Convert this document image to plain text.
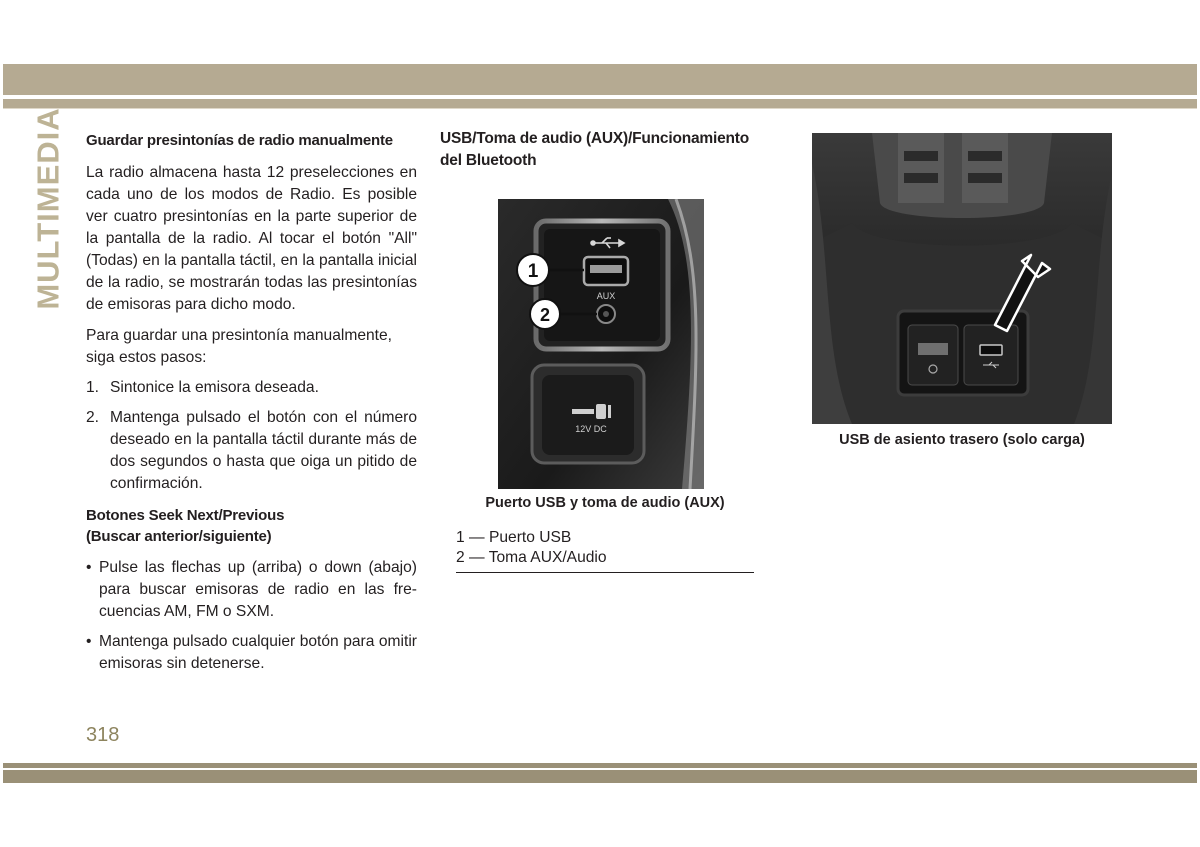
MULTIMEDIA Guardar presintonías de radio manualmente

La radio almacena hasta 12 preselecciones en cada uno de los modos de Radio. Es posible ver cuatro presintonías en la parte superior de la pantalla de la radio. Al tocar el botón "All" (Todas) en la pantalla táctil, en la pantalla inicial de la radio, se mostrarán todas las presintonías de emisoras para dicho modo.

Para guardar una presintonía manualmente, siga estos pasos:

1. Sintonice la emisora deseada.
2. Mantenga pulsado el botón con el número deseado en la pantalla táctil durante más de dos segundos o hasta que oiga un pitido de confirmación.
Botones Seek Next/Previous
(Buscar anterior/siguiente)
• Pulse las flechas up (arriba) o down (abajo) para buscar emisoras de radio en las fre-cuencias AM, FM o SXM.
• Mantenga pulsado cualquier botón para omitir emisoras sin detenerse.
318
USB/Toma de audio (AUX)/Funcionamiento del Bluetooth
AUX
1
2
12V DC
Puerto USB y toma de audio (AUX)
1 — Puerto USB
2 — Toma AUX/Audio
USB de asiento trasero (solo carga)
